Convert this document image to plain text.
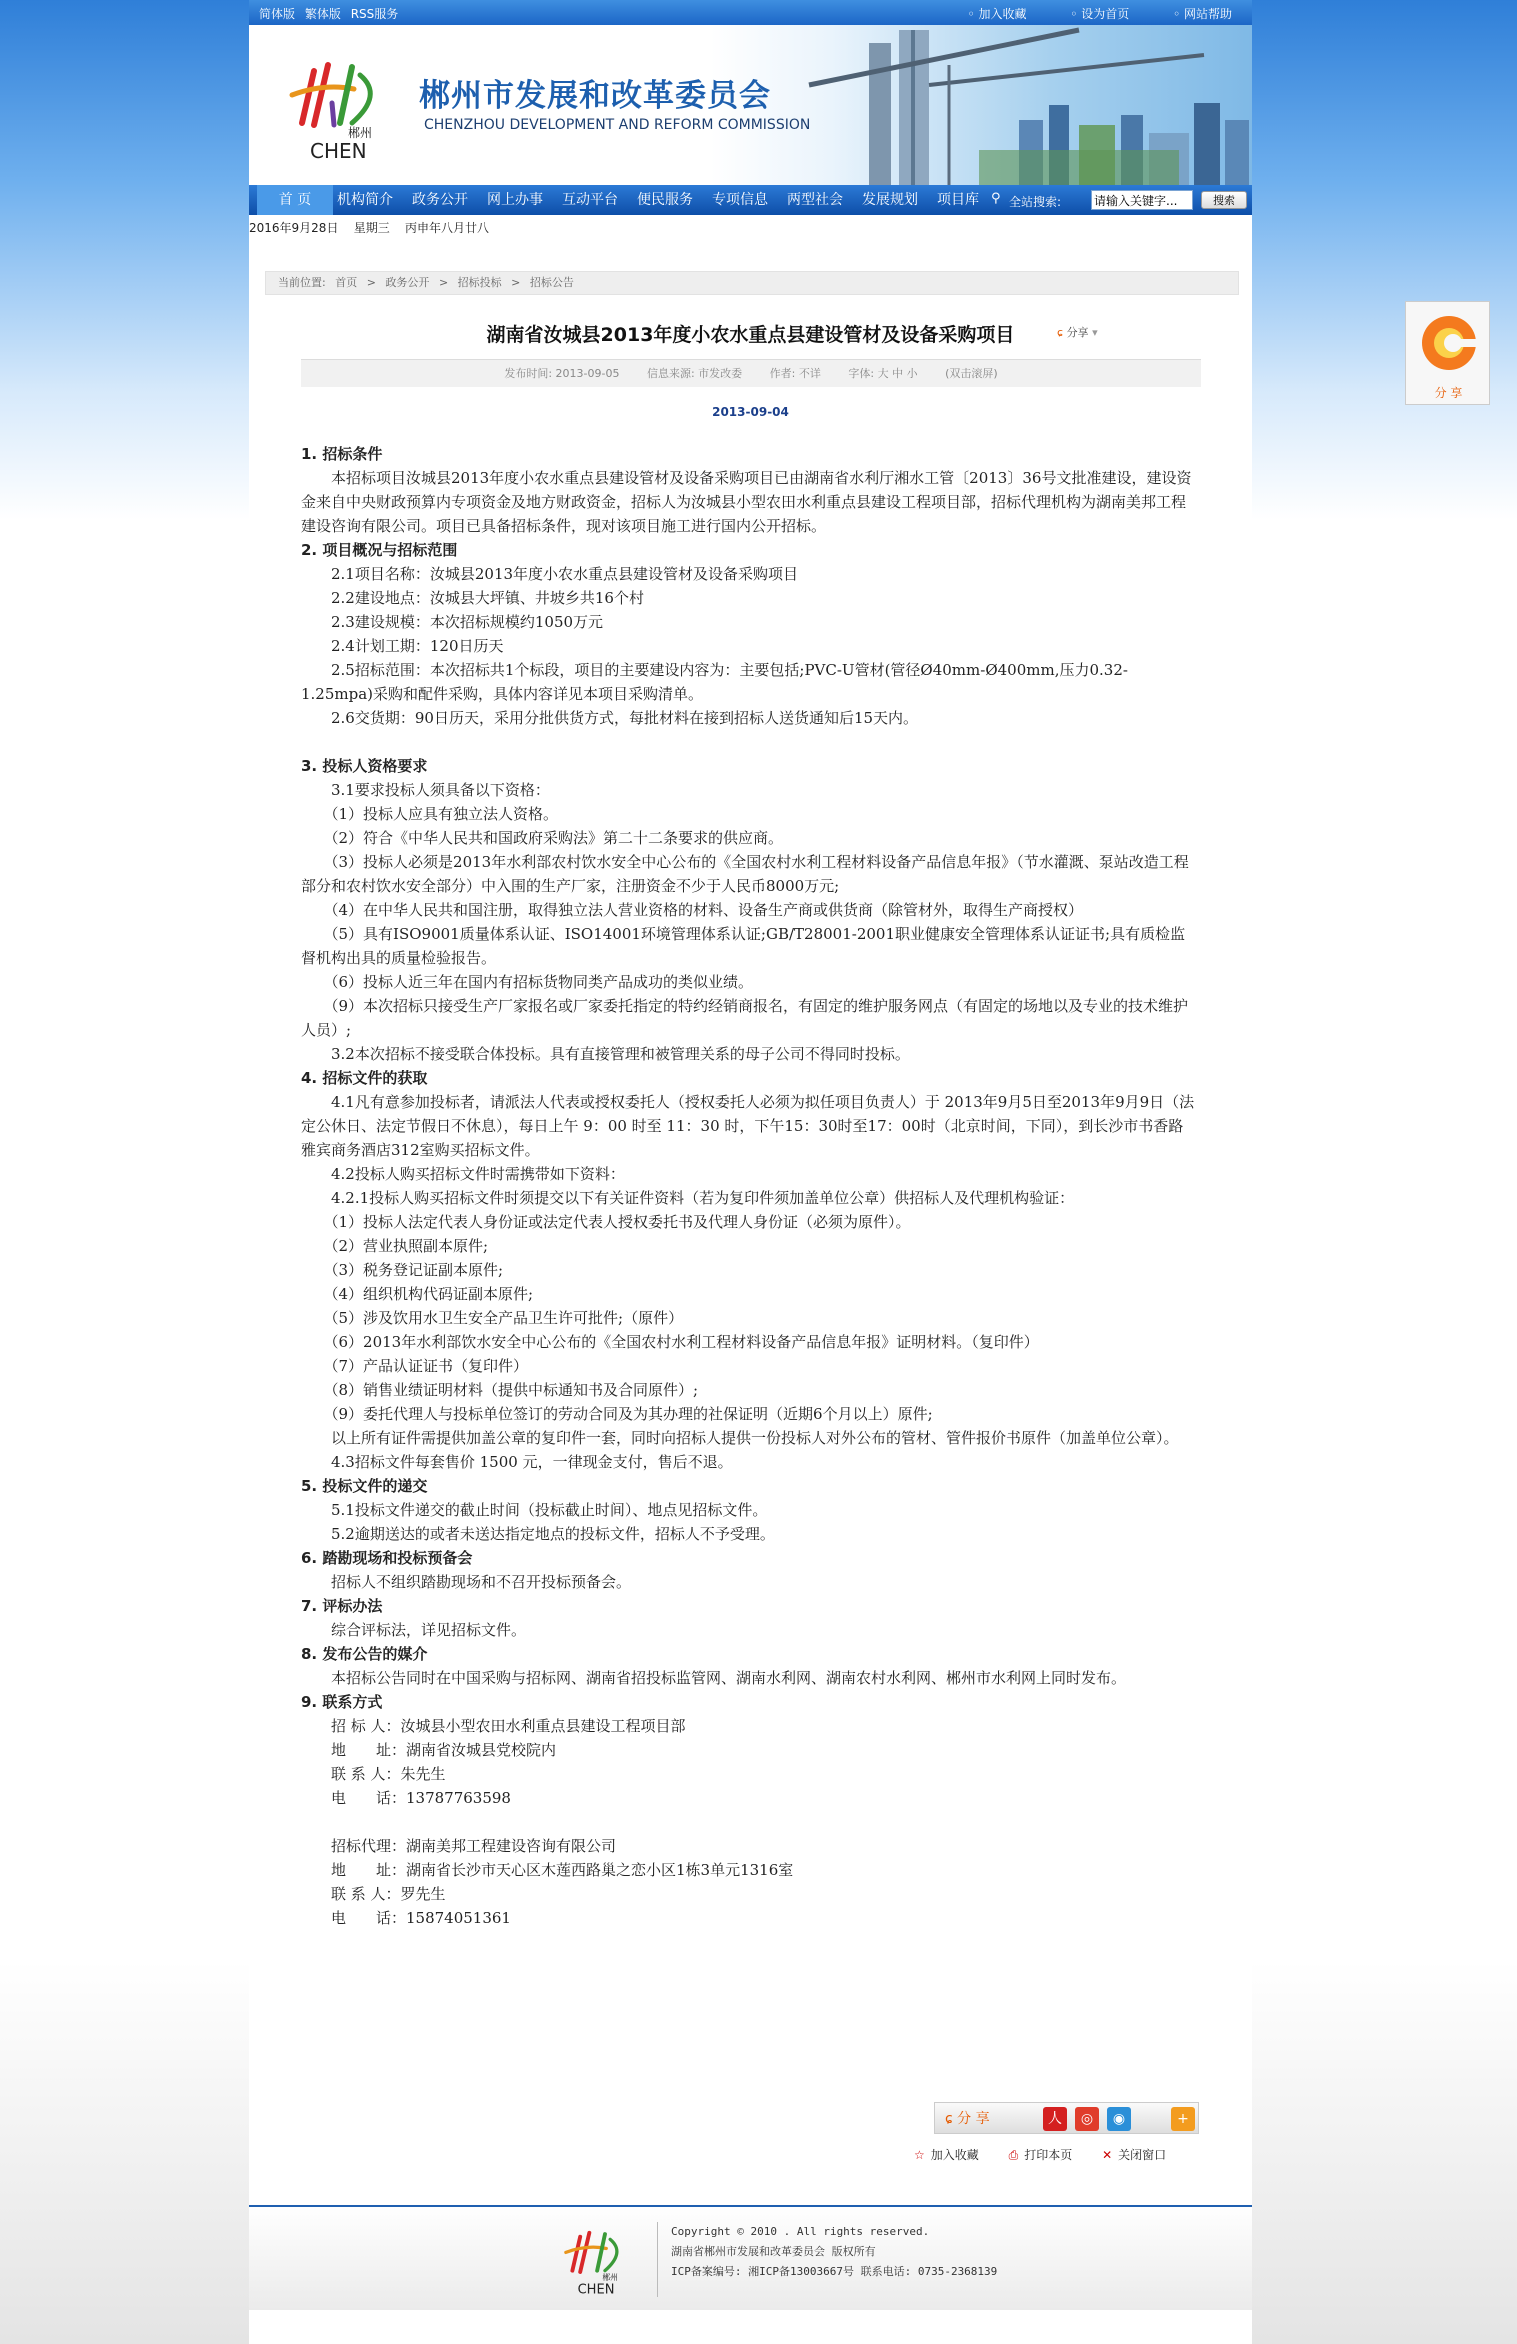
简体版 繁体版 RSS服务	◦ 加入收藏	◦ 设为首页	◦ 网站帮助
郴州
CHEN
郴州市发展和改革委员会
CHENZHOU DEVELOPMENT AND REFORM COMMISSION
首 页	机构简介 政务公开 网上办事 互动平台 便民服务 专项信息 两型社会 发展规划 项目库 ⚲ 全站搜索:
请输入关键字...	搜索
2016年9月28日 星期三 丙申年八月廿八
当前位置: 首页 > 政务公开 > 招标投标 > 招标公告
湖南省汝城县2013年度小农水重点县建设管材及设备采购项目	ɕ 分享 ▾
发布时间: 2013-09-05	信息来源: 市发改委	作者: 不详	字体: 大 中 小	(双击滚屏)
2013-09-04

1. 招标条件

　　本招标项目汝城县2013年度小农水重点县建设管材及设备采购项目已由湖南省水利厅湘水工管〔2013〕36号文批准建设，建设资金来自中央财政预算内专项资金及地方财政资金，招标人为汝城县小型农田水利重点县建设工程项目部，招标代理机构为湖南美邦工程建设咨询有限公司。项目已具备招标条件，现对该项目施工进行国内公开招标。

2. 项目概况与招标范围

　　2.1项目名称：汝城县2013年度小农水重点县建设管材及设备采购项目

　　2.2建设地点：汝城县大坪镇、井坡乡共16个村

　　2.3建设规模：本次招标规模约1050万元

　　2.4计划工期：120日历天

　　2.5招标范围：本次招标共1个标段，项目的主要建设内容为：主要包括;PVC-U管材(管径Ø40mm-Ø400mm,压力0.32-1.25mpa)采购和配件采购，具体内容详见本项目采购清单。

　　2.6交货期：90日历天，采用分批供货方式，每批材料在接到招标人送货通知后15天内。

3. 投标人资格要求

　　3.1要求投标人须具备以下资格：

　　（1）投标人应具有独立法人资格。

　　（2）符合《中华人民共和国政府采购法》第二十二条要求的供应商。

　　（3）投标人必须是2013年水利部农村饮水安全中心公布的《全国农村水利工程材料设备产品信息年报》（节水灌溉、泵站改造工程部分和农村饮水安全部分）中入围的生产厂家，注册资金不少于人民币8000万元;

　　（4）在中华人民共和国注册，取得独立法人营业资格的材料、设备生产商或供货商（除管材外，取得生产商授权）

　　（5）具有ISO9001质量体系认证、ISO14001环境管理体系认证;GB/T28001-2001职业健康安全管理体系认证证书;具有质检监督机构出具的质量检验报告。

　　（6）投标人近三年在国内有招标货物同类产品成功的类似业绩。

　　（9）本次招标只接受生产厂家报名或厂家委托指定的特约经销商报名，有固定的维护服务网点（有固定的场地以及专业的技术维护人员）;

　　3.2本次招标不接受联合体投标。具有直接管理和被管理关系的母子公司不得同时投标。

4. 招标文件的获取

　　4.1凡有意参加投标者，请派法人代表或授权委托人（授权委托人必须为拟任项目负责人）于 2013年9月5日至2013年9月9日（法定公休日、法定节假日不休息），每日上午 9：00 时至 11：30 时，下午15：30时至17：00时（北京时间，下同），到长沙市书香路雅宾商务酒店312室购买招标文件。

　　4.2投标人购买招标文件时需携带如下资料：

　　4.2.1投标人购买招标文件时须提交以下有关证件资料（若为复印件须加盖单位公章）供招标人及代理机构验证：

　　（1）投标人法定代表人身份证或法定代表人授权委托书及代理人身份证（必须为原件）。

　　（2）营业执照副本原件;

　　（3）税务登记证副本原件;

　　（4）组织机构代码证副本原件;

　　（5）涉及饮用水卫生安全产品卫生许可批件;（原件）

　　（6）2013年水利部饮水安全中心公布的《全国农村水利工程材料设备产品信息年报》证明材料。（复印件）

　　（7）产品认证证书（复印件）

　　（8）销售业绩证明材料（提供中标通知书及合同原件）;

　　（9）委托代理人与投标单位签订的劳动合同及为其办理的社保证明（近期6个月以上）原件;

　　以上所有证件需提供加盖公章的复印件一套，同时向招标人提供一份投标人对外公布的管材、管件报价书原件（加盖单位公章）。

　　4.3招标文件每套售价 1500 元，一律现金支付，售后不退。

5. 投标文件的递交

　　5.1投标文件递交的截止时间（投标截止时间）、地点见招标文件。

　　5.2逾期送达的或者未送达指定地点的投标文件，招标人不予受理。

6. 踏勘现场和投标预备会

　　招标人不组织踏勘现场和不召开投标预备会。

7. 评标办法

　　综合评标法，详见招标文件。

8. 发布公告的媒介

　　本招标公告同时在中国采购与招标网、湖南省招投标监管网、湖南水利网、湖南农村水利网、郴州市水利网上同时发布。

9. 联系方式

　　招 标 人：汝城县小型农田水利重点县建设工程项目部

　　地　　址：湖南省汝城县党校院内

　　联 系 人：朱先生

　　电　　话：13787763598

　　招标代理：湖南美邦工程建设咨询有限公司

　　地　　址：湖南省长沙市天心区木莲西路巢之恋小区1栋3单元1316室

　　联 系 人：罗先生

　　电　　话：15874051361

ɕ 分 享	人	◎	◉	+
☆ 加入收藏 ⎙ 打印本页 ✕ 关闭窗口
分 享
郴州
CHEN
Copyright © 2010 . All rights reserved.
湖南省郴州市发展和改革委员会 版权所有
ICP备案编号: 湘ICP备13003667号 联系电话: 0735-2368139
